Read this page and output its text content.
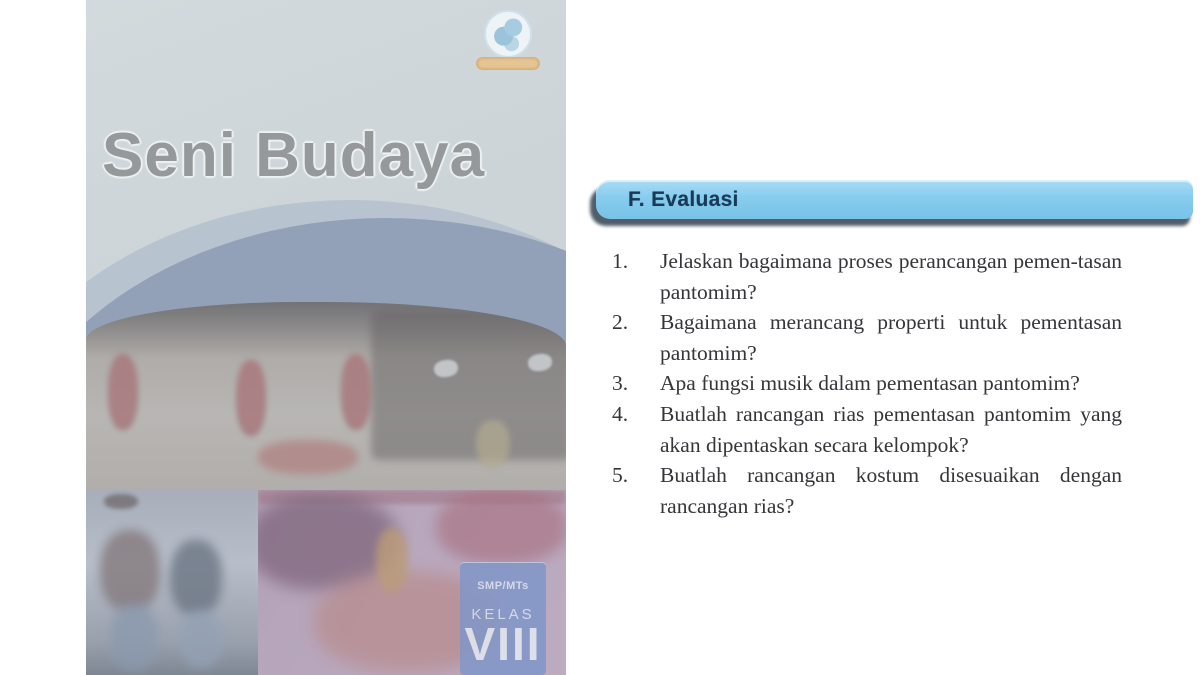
Seni Budaya
SMP/MTs
KELAS
VIII
F. Evaluasi
1.	Jelaskan bagaimana proses perancangan pemen-tasan pantomim?
2.	Bagaimana merancang properti untuk pementasan pantomim?
3.	Apa fungsi musik dalam pementasan pantomim?
4.	Buatlah rancangan rias pementasan pantomim yang akan dipentaskan secara kelompok?
5.	Buatlah rancangan kostum disesuaikan dengan rancangan rias?
